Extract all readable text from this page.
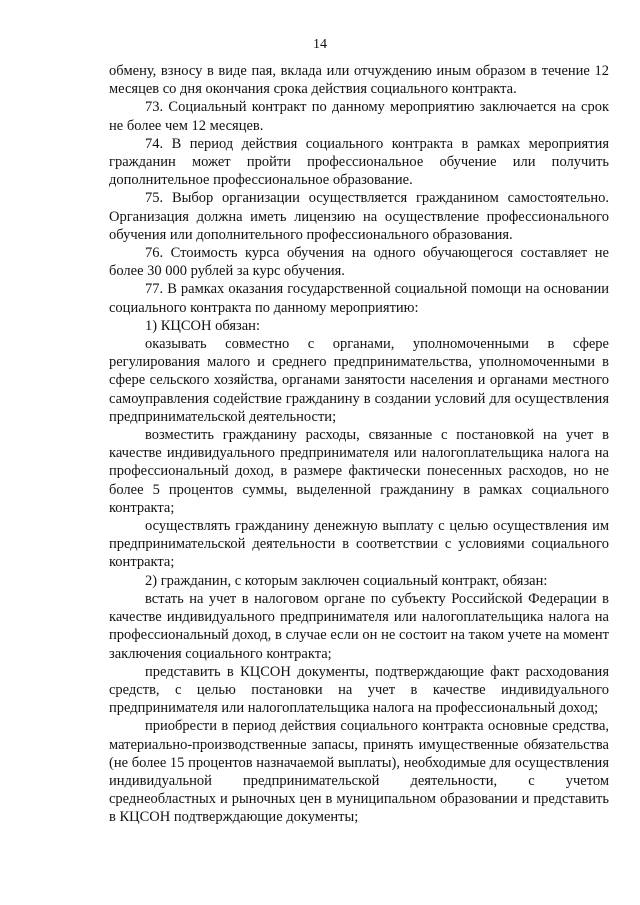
14

обмену, взносу в виде пая, вклада или отчуждению иным образом в течение 12 месяцев со дня окончания срока действия социального контракта.

73. Социальный контракт по данному мероприятию заключается на срок не более чем 12 месяцев.

74. В период действия социального контракта в рамках мероприятия гражданин может пройти профессиональное обучение или получить дополнительное профессиональное образование.

75. Выбор организации осуществляется гражданином самостоятельно. Организация должна иметь лицензию на осуществление профессионального обучения или дополнительного профессионального образования.

76. Стоимость курса обучения на одного обучающегося составляет не более 30 000 рублей за курс обучения.

77. В рамках оказания государственной социальной помощи на основании социального контракта по данному мероприятию:

1) КЦСОН обязан:

оказывать совместно с органами, уполномоченными в сфере регулирования малого и среднего предпринимательства, уполномоченными в сфере сельского хозяйства, органами занятости населения и органами местного самоуправления содействие гражданину в создании условий для осуществления предпринимательской деятельности;

возместить гражданину расходы, связанные с постановкой на учет в качестве индивидуального предпринимателя или налогоплательщика налога на профессиональный доход, в размере фактически понесенных расходов, но не более 5 процентов суммы, выделенной гражданину в рамках социального контракта;

осуществлять гражданину денежную выплату с целью осуществления им предпринимательской деятельности в соответствии с условиями социального контракта;

2) гражданин, с которым заключен социальный контракт, обязан:

встать на учет в налоговом органе по субъекту Российской Федерации в качестве индивидуального предпринимателя или налогоплательщика налога на профессиональный доход, в случае если он не состоит на таком учете на момент заключения социального контракта;

представить в КЦСОН документы, подтверждающие факт расходования средств, с целью постановки на учет в качестве индивидуального предпринимателя или налогоплательщика налога на профессиональный доход;

приобрести в период действия социального контракта основные средства, материально-производственные запасы, принять имущественные обязательства (не более 15 процентов назначаемой выплаты), необходимые для осуществления индивидуальной предпринимательской деятельности, с учетом среднеобластных и рыночных цен в муниципальном образовании и представить в КЦСОН подтверждающие документы;
